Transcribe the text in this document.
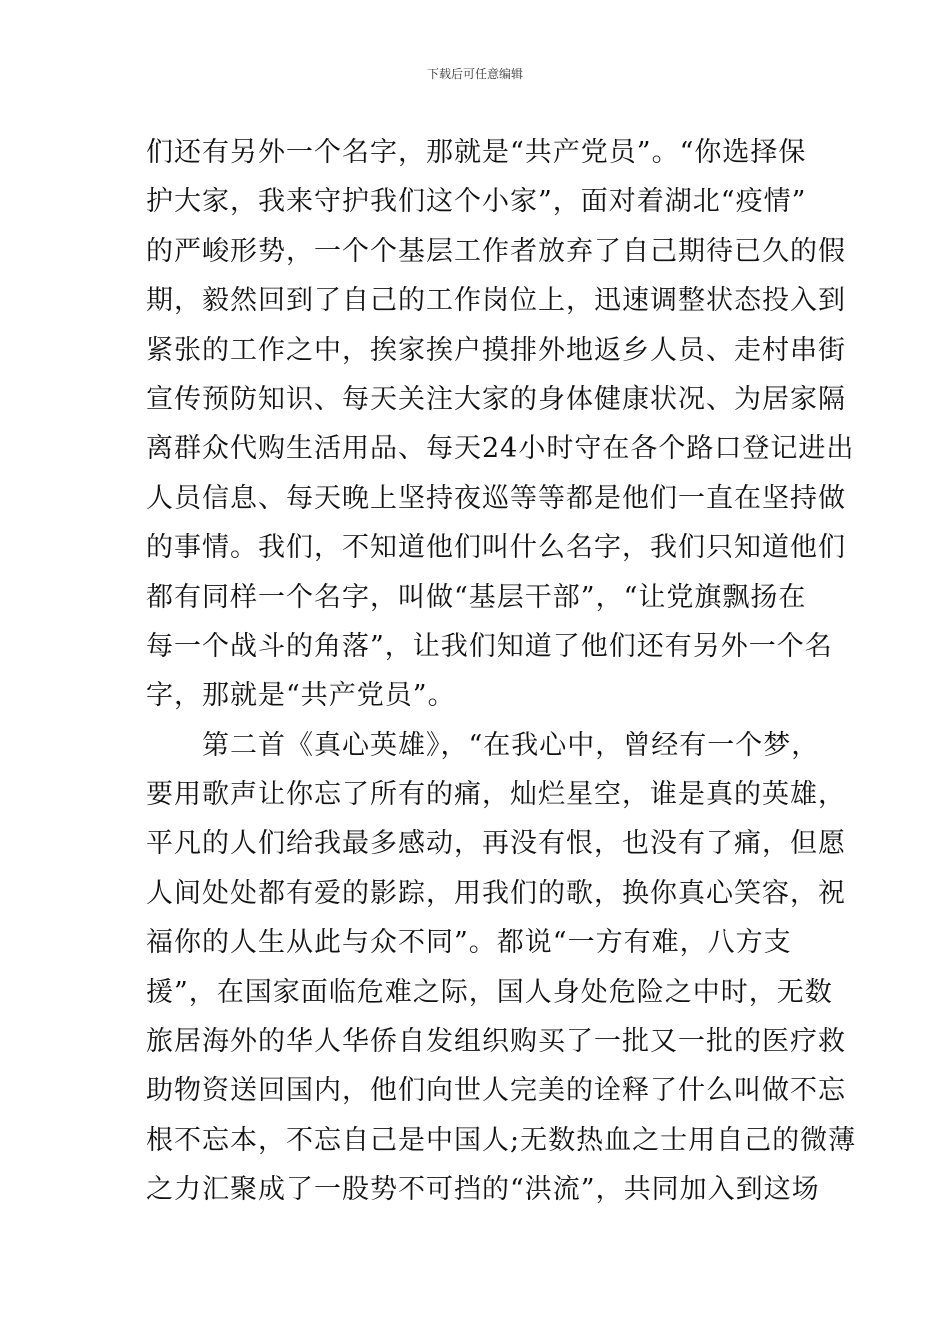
下载后可任意编辑
们还有另外一个名字，那就是“共产党员”。“你选择保
护大家，我来守护我们这个小家”，面对着湖北“疫情”
的严峻形势，一个个基层工作者放弃了自己期待已久的假
期，毅然回到了自己的工作岗位上，迅速调整状态投入到
紧张的工作之中，挨家挨户摸排外地返乡人员、走村串街
宣传预防知识、每天关注大家的身体健康状况、为居家隔
离群众代购生活用品、每天24小时守在各个路口登记进出
人员信息、每天晚上坚持夜巡等等都是他们一直在坚持做
的事情。我们，不知道他们叫什么名字，我们只知道他们
都有同样一个名字，叫做“基层干部”，“让党旗飘扬在
每一个战斗的角落”，让我们知道了他们还有另外一个名
字，那就是“共产党员”。
　　第二首《真心英雄》，“在我心中，曾经有一个梦，
要用歌声让你忘了所有的痛，灿烂星空，谁是真的英雄，
平凡的人们给我最多感动，再没有恨，也没有了痛，但愿
人间处处都有爱的影踪，用我们的歌，换你真心笑容，祝
福你的人生从此与众不同”。都说“一方有难，八方支
援”，在国家面临危难之际，国人身处危险之中时，无数
旅居海外的华人华侨自发组织购买了一批又一批的医疗救
助物资送回国内，他们向世人完美的诠释了什么叫做不忘
根不忘本，不忘自己是中国人;无数热血之士用自己的微薄
之力汇聚成了一股势不可挡的“洪流”，共同加入到这场
